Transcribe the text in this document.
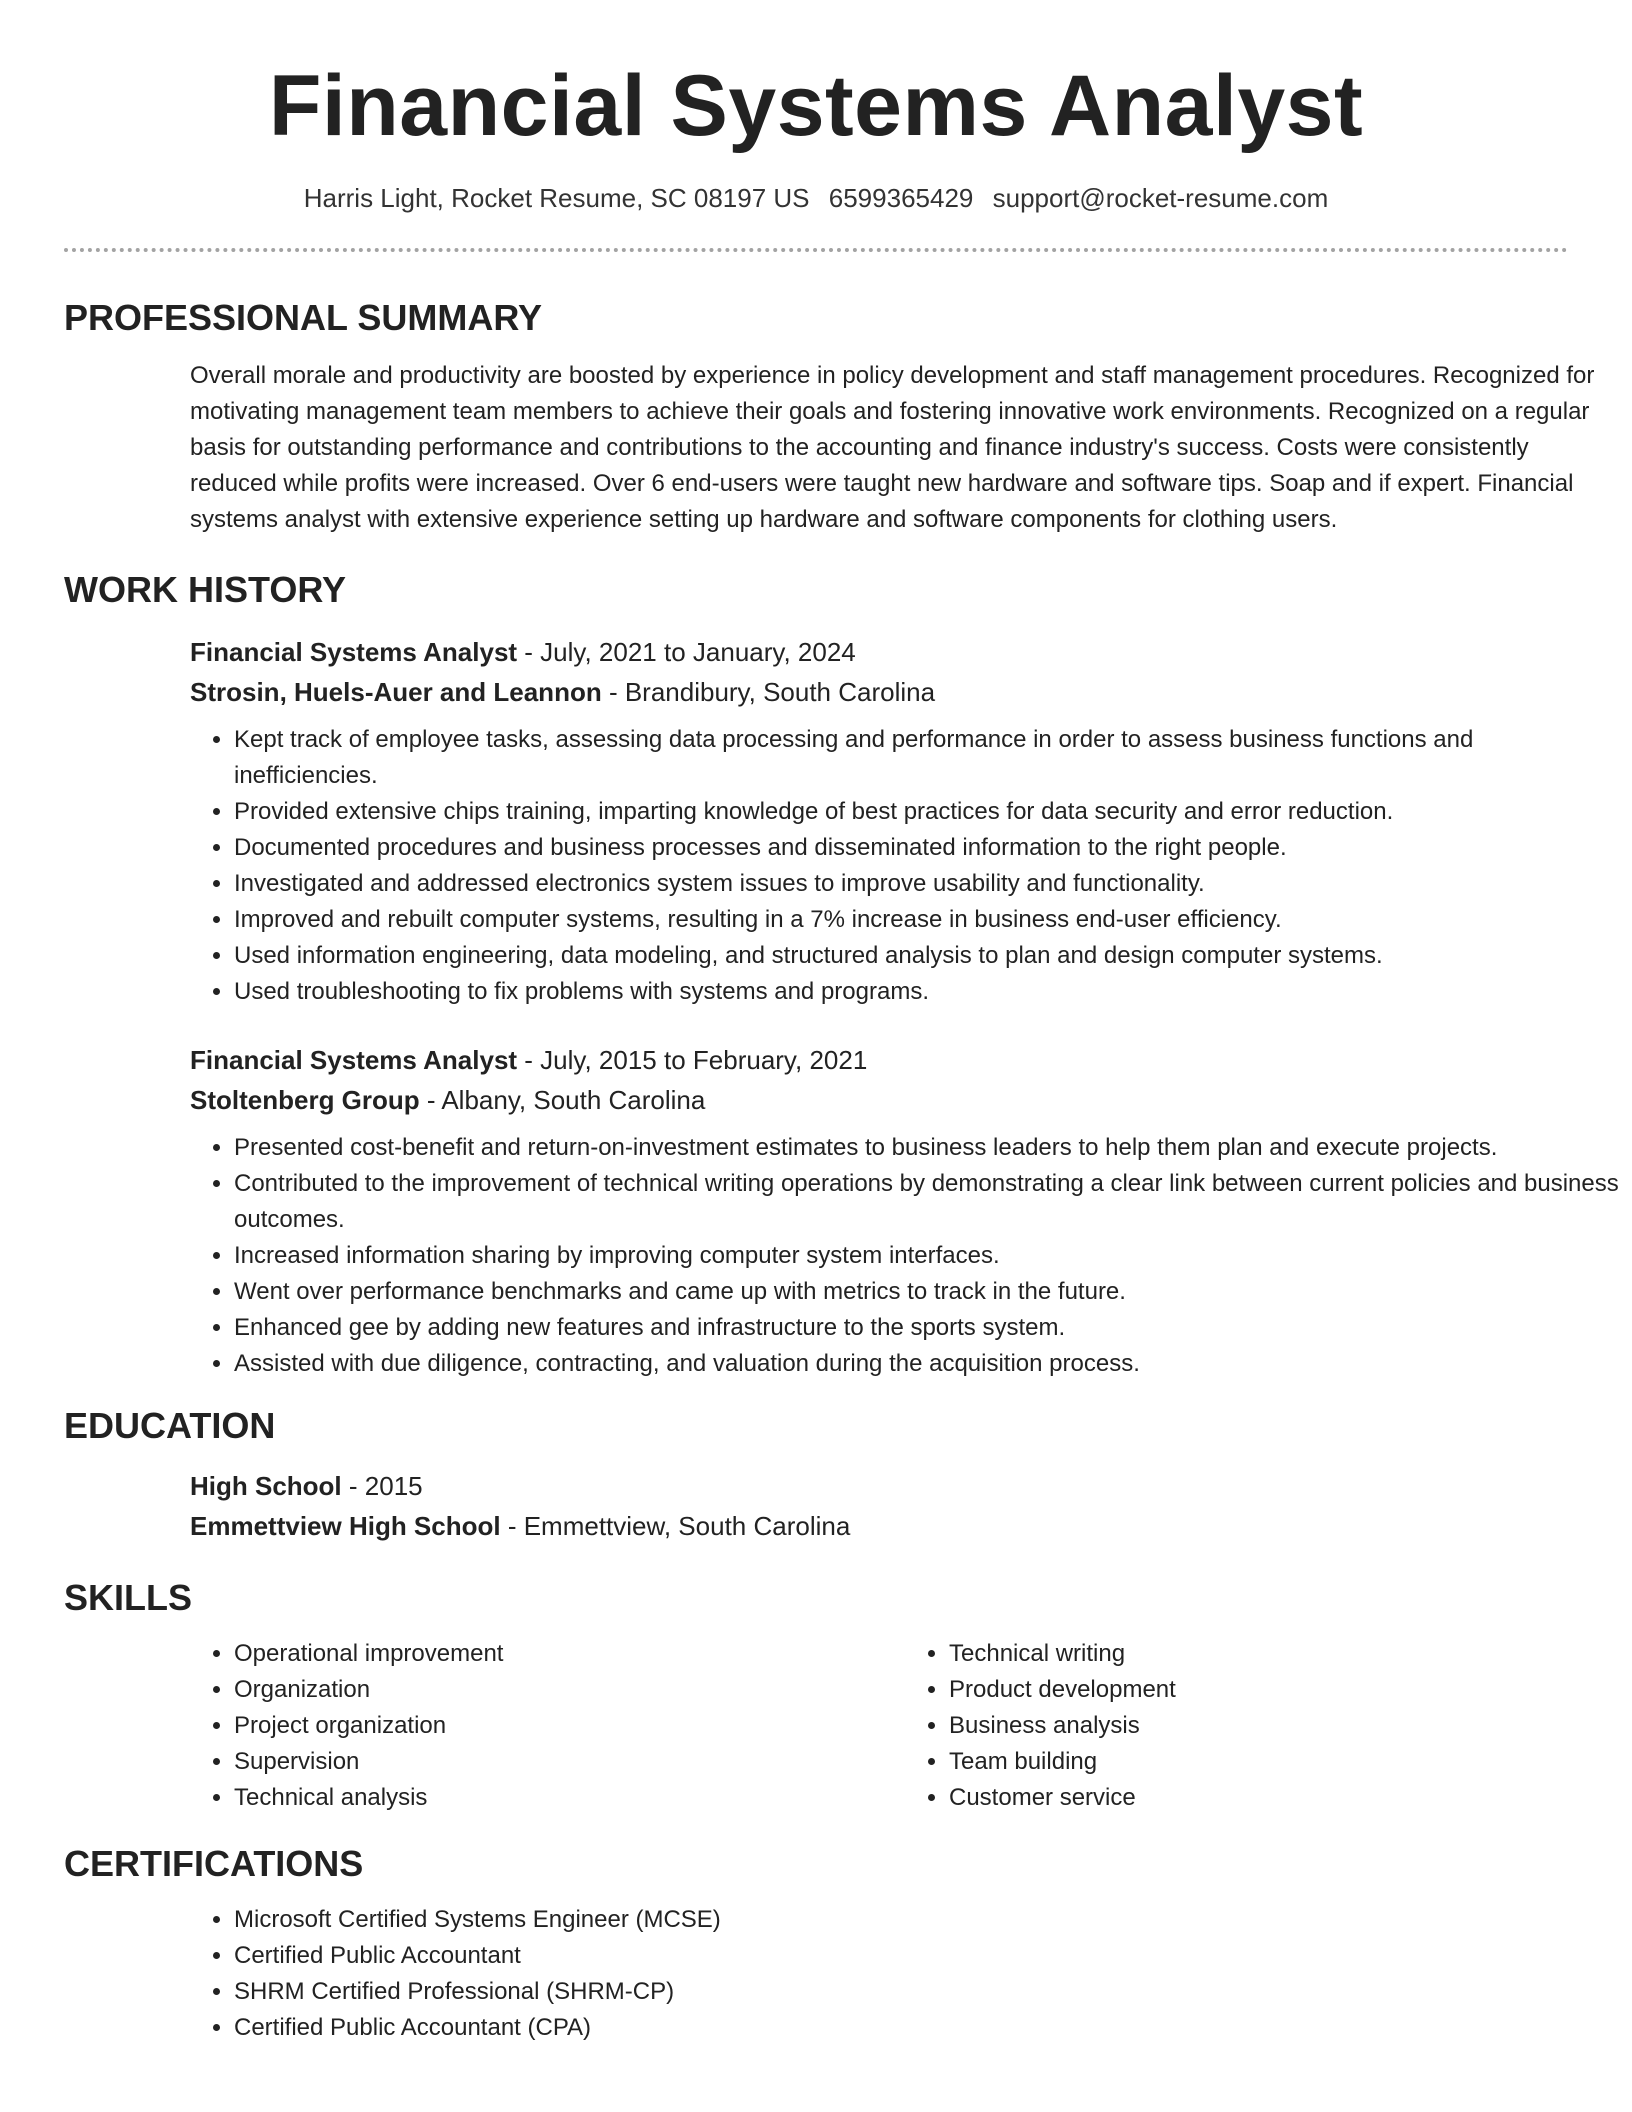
Financial Systems Analyst
Harris Light, Rocket Resume, SC 08197 US 6599365429 support@rocket-resume.com
PROFESSIONAL SUMMARY

Overall morale and productivity are boosted by experience in policy development and staff management procedures. Recognized for motivating management team members to achieve their goals and fostering innovative work environments. Recognized on a regular basis for outstanding performance and contributions to the accounting and finance industry's success. Costs were consistently reduced while profits were increased. Over 6 end-users were taught new hardware and software tips. Soap and if expert. Financial systems analyst with extensive experience setting up hardware and software components for clothing users.

WORK HISTORY
Financial Systems Analyst - July, 2021 to January, 2024
Strosin, Huels-Auer and Leannon - Brandibury, South Carolina
• Kept track of employee tasks, assessing data processing and performance in order to assess business functions and inefficiencies.
• Provided extensive chips training, imparting knowledge of best practices for data security and error reduction.
• Documented procedures and business processes and disseminated information to the right people.
• Investigated and addressed electronics system issues to improve usability and functionality.
• Improved and rebuilt computer systems, resulting in a 7% increase in business end-user efficiency.
• Used information engineering, data modeling, and structured analysis to plan and design computer systems.
• Used troubleshooting to fix problems with systems and programs.
Financial Systems Analyst - July, 2015 to February, 2021
Stoltenberg Group - Albany, South Carolina
• Presented cost-benefit and return-on-investment estimates to business leaders to help them plan and execute projects.
• Contributed to the improvement of technical writing operations by demonstrating a clear link between current policies and business outcomes.
• Increased information sharing by improving computer system interfaces.
• Went over performance benchmarks and came up with metrics to track in the future.
• Enhanced gee by adding new features and infrastructure to the sports system.
• Assisted with due diligence, contracting, and valuation during the acquisition process.
EDUCATION
High School - 2015
Emmettview High School - Emmettview, South Carolina
SKILLS
• Operational improvement
• Organization
• Project organization
• Supervision
• Technical analysis
• Technical writing
• Product development
• Business analysis
• Team building
• Customer service
CERTIFICATIONS
• Microsoft Certified Systems Engineer (MCSE)
• Certified Public Accountant
• SHRM Certified Professional (SHRM-CP)
• Certified Public Accountant (CPA)
